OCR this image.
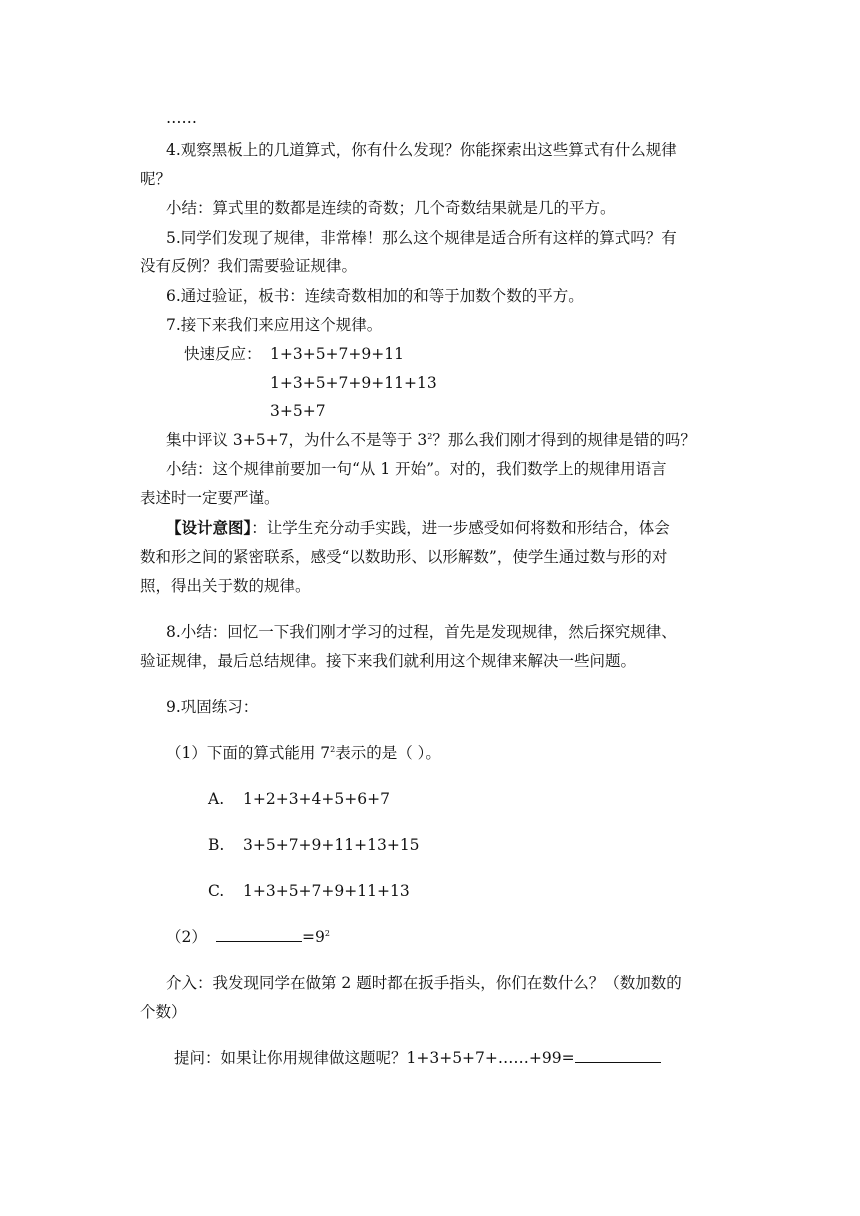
……
4.观察黑板上的几道算式，你有什么发现？你能探索出这些算式有什么规律
呢？
小结：算式里的数都是连续的奇数；几个奇数结果就是几的平方。
5.同学们发现了规律，非常棒！那么这个规律是适合所有这样的算式吗？有
没有反例？我们需要验证规律。
6.通过验证，板书：连续奇数相加的和等于加数个数的平方。
7.接下来我们来应用这个规律。
快速反应： 1+3+5+7+9+11
1+3+5+7+9+11+13
3+5+7
集中评议 3+5+7，为什么不是等于 $3^2$？那么我们刚才得到的规律是错的吗？
小结：这个规律前要加一句“从 1 开始”。对的，我们数学上的规律用语言
表述时一定要严谨。
【设计意图】：让学生充分动手实践，进一步感受如何将数和形结合，体会
数和形之间的紧密联系，感受“以数助形、以形解数”，使学生通过数与形的对
照，得出关于数的规律。
8.小结：回忆一下我们刚才学习的过程，首先是发现规律，然后探究规律、
验证规律，最后总结规律。接下来我们就利用这个规律来解决一些问题。
9.巩固练习：
（1）下面的算式能用 $7^2$表示的是（ ）。
A. 1+2+3+4+5+6+7
B. 3+5+7+9+11+13+15
C. 1+3+5+7+9+11+13
（2）	$=9^2$
介入：我发现同学在做第 2 题时都在扳手指头，你们在数什么？（数加数的
个数）
提问：如果让你用规律做这题呢？1+3+5+7+……+99=
